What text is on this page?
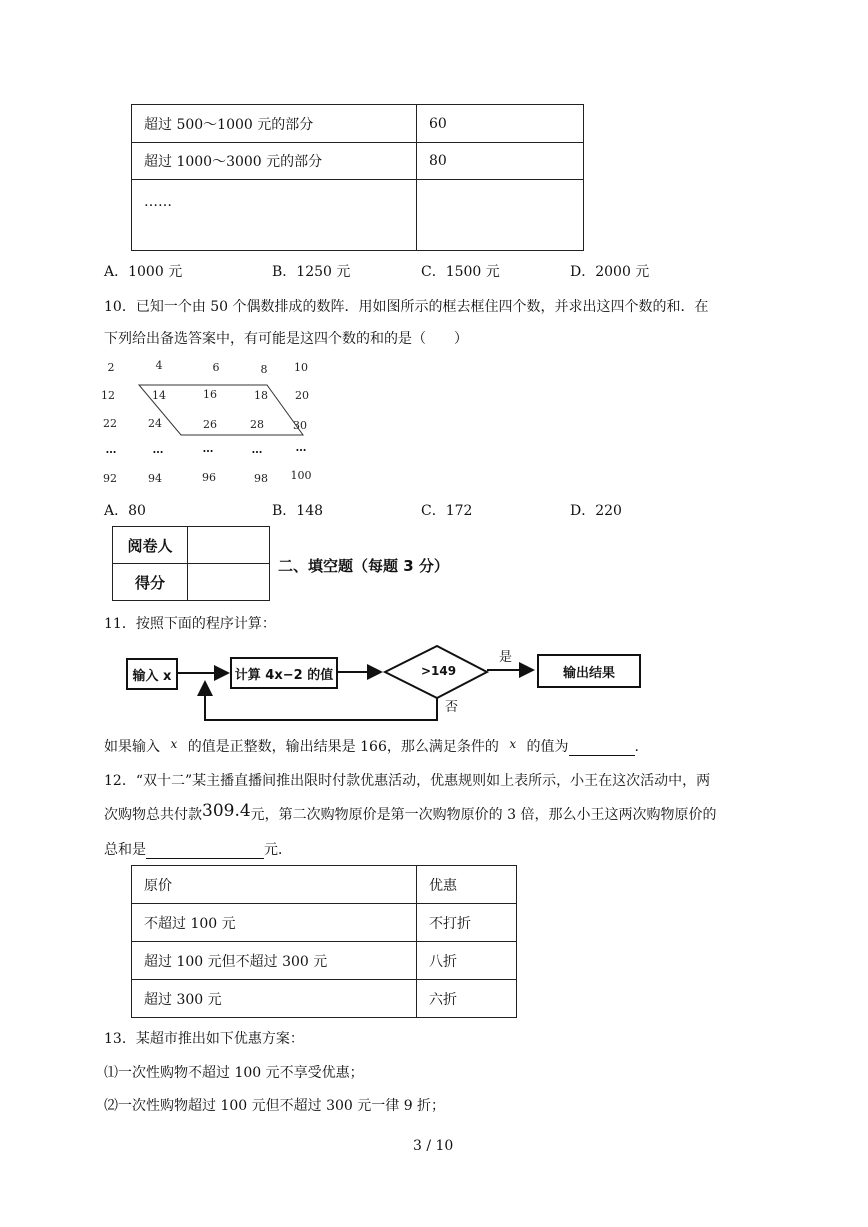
超过 500～1000 元的部分	60
超过 1000～3000 元的部分	80
……	
A．1000 元	B．1250 元	C．1500 元	D．2000 元
10．已知一个由 50 个偶数排成的数阵．用如图所示的框去框住四个数，并求出这四个数的和．在
下列给出备选答案中，有可能是这四个数的和的是（　　）
2	4	6	8 10
12	14	16	18 20
22	24	26	28	30
…	…	…	…	…
92	94	96	98 100
A．80	B．148	C．172	D．220
阅卷人	
得分	
二、填空题（每题 3 分）
11．按照下面的程序计算：
输入 x	计算 4x−2 的值	>149
是
否
输出结果
如果输入 x 的值是正整数，输出结果是 166，那么满足条件的 x 的值为	.
12．“双十二”某主播直播间推出限时付款优惠活动，优惠规则如上表所示，小王在这次活动中，两
次购物总共付款309.4元，第二次购物原价是第一次购物原价的 3 倍，那么小王这两次购物原价的
总和是	元．
原价	优惠
不超过 100 元	不打折
超过 100 元但不超过 300 元	八折
超过 300 元	六折
13．某超市推出如下优惠方案：
⑴一次性购物不超过 100 元不享受优惠；
⑵一次性购物超过 100 元但不超过 300 元一律 9 折；
3 / 10
